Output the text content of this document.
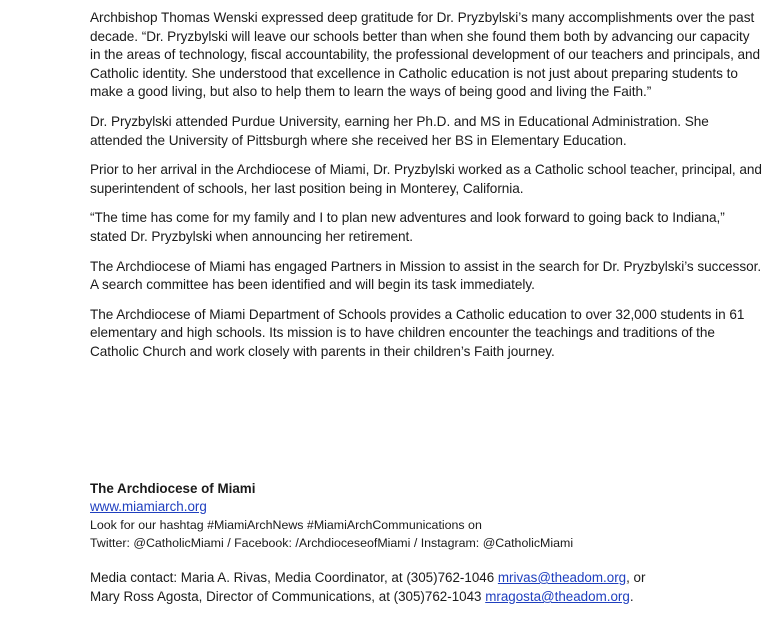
Archbishop Thomas Wenski expressed deep gratitude for Dr. Pryzbylski’s many accomplishments over the past decade. “Dr. Pryzbylski will leave our schools better than when she found them both by advancing our capacity in the areas of technology, fiscal accountability, the professional development of our teachers and principals, and Catholic identity. She understood that excellence in Catholic education is not just about preparing students to make a good living, but also to help them to learn the ways of being good and living the Faith.”

Dr. Pryzbylski attended Purdue University, earning her Ph.D. and MS in Educational Administration. She attended the University of Pittsburgh where she received her BS in Elementary Education.

Prior to her arrival in the Archdiocese of Miami, Dr. Pryzbylski worked as a Catholic school teacher, principal, and superintendent of schools, her last position being in Monterey, California.

“The time has come for my family and I to plan new adventures and look forward to going back to Indiana,” stated Dr. Pryzbylski when announcing her retirement.

The Archdiocese of Miami has engaged Partners in Mission to assist in the search for Dr. Pryzbylski’s successor. A search committee has been identified and will begin its task immediately.

The Archdiocese of Miami Department of Schools provides a Catholic education to over 32,000 students in 61 elementary and high schools. Its mission is to have children encounter the teachings and traditions of the Catholic Church and work closely with parents in their children’s Faith journey.

The Archdiocese of Miami

www.miamiarch.org

Look for our hashtag #MiamiArchNews #MiamiArchCommunications on

Twitter: @CatholicMiami / Facebook: /ArchdioceseofMiami / Instagram: @CatholicMiami

Media contact: Maria A. Rivas, Media Coordinator, at (305)762-1046 mrivas@theadom.org, or
Mary Ross Agosta, Director of Communications, at (305)762-1043 mragosta@theadom.org.
